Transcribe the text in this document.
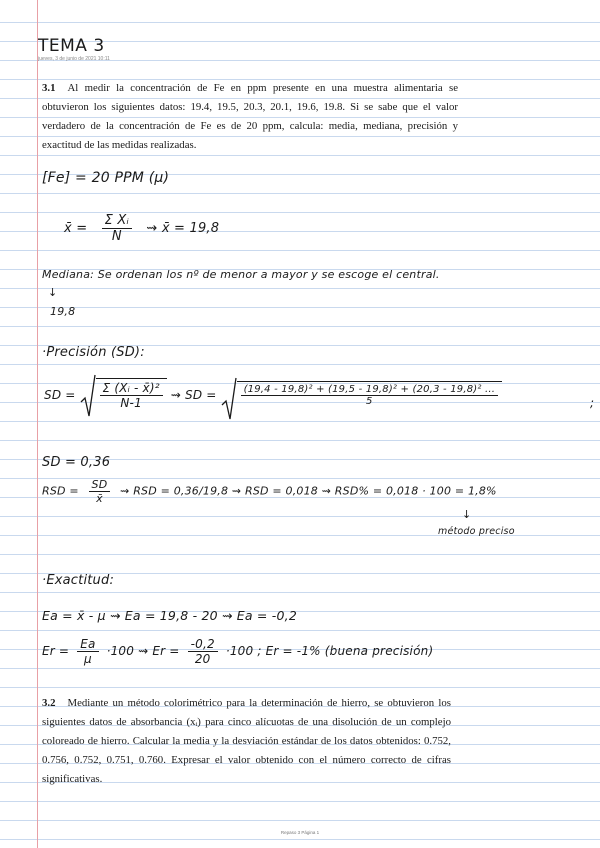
TEMA 3
jueves, 3 de junio de 2021 10:11
3.1 Al medir la concentración de Fe en ppm presente en una muestra alimentaria se obtuvieron los siguientes datos: 19.4, 19.5, 20.3, 20.1, 19.6, 19.8. Si se sabe que el valor verdadero de la concentración de Fe es de 20 ppm, calcula: media, mediana, precisión y exactitud de las medidas realizadas.
[Fe] = 20 PPM (μ)
x̄ = $\frac{\text{Σ Xᵢ}}{N}$ ⇝ x̄ = 19,8
Mediana: Se ordenan los nº de menor a mayor y se escoge el central.
↓
19,8
·Precisión (SD):
SD = $\frac{\text{Σ (Xᵢ - x̄)²}}{N-1}$ ⇝ SD = $\frac{\text{(19,4 - 19,8)² + (19,5 - 19,8)² + (20,3 - 19,8)² ...}}{5}$	;
SD = 0,36
RSD = $\frac{SD}{x̄}$ ⇝ RSD = 0,36/19,8 ⇝ RSD = 0,018 ⇝ RSD% = 0,018 · 100 = 1,8%
↓
método preciso
·Exactitud:
Ea = x̄ - μ ⇝ Ea = 19,8 - 20 ⇝ Ea = -0,2
$Er = \frac{Ea}{\mu} \cdot 100$ ⇝ $Er = \frac{-0,2}{20} \cdot 100$ ; Er = -1% (buena precisión)
3.2 Mediante un método colorimétrico para la determinación de hierro, se obtuvieron los siguientes datos de absorbancia (xᵢ) para cinco alícuotas de una disolución de un complejo coloreado de hierro. Calcular la media y la desviación estándar de los datos obtenidos: 0.752, 0.756, 0.752, 0.751, 0.760. Expresar el valor obtenido con el número correcto de cifras significativas.
Repaso 3 Página 1
